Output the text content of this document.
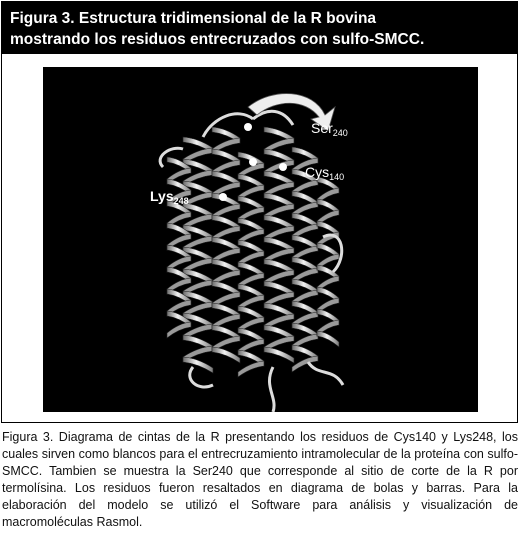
Figura 3. Estructura tridimensional de la R bovina
mostrando los residuos entrecruzados con sulfo-SMCC.
Ser$_{240}$
Cys$_{140}$
Lys$_{248}$

Figura 3. Diagrama de cintas de la R presentando los residuos de Cys140 y Lys248, los cuales sirven como blancos para el entrecruzamiento intramolecular de la proteína con sulfo-SMCC. Tambien se muestra la Ser240 que corresponde al sitio de corte de la R por termolísina. Los residuos fueron resaltados en diagrama de bolas y barras. Para la elaboración del modelo se utilizó el Software para análisis y visualización de macromoléculas Rasmol.
